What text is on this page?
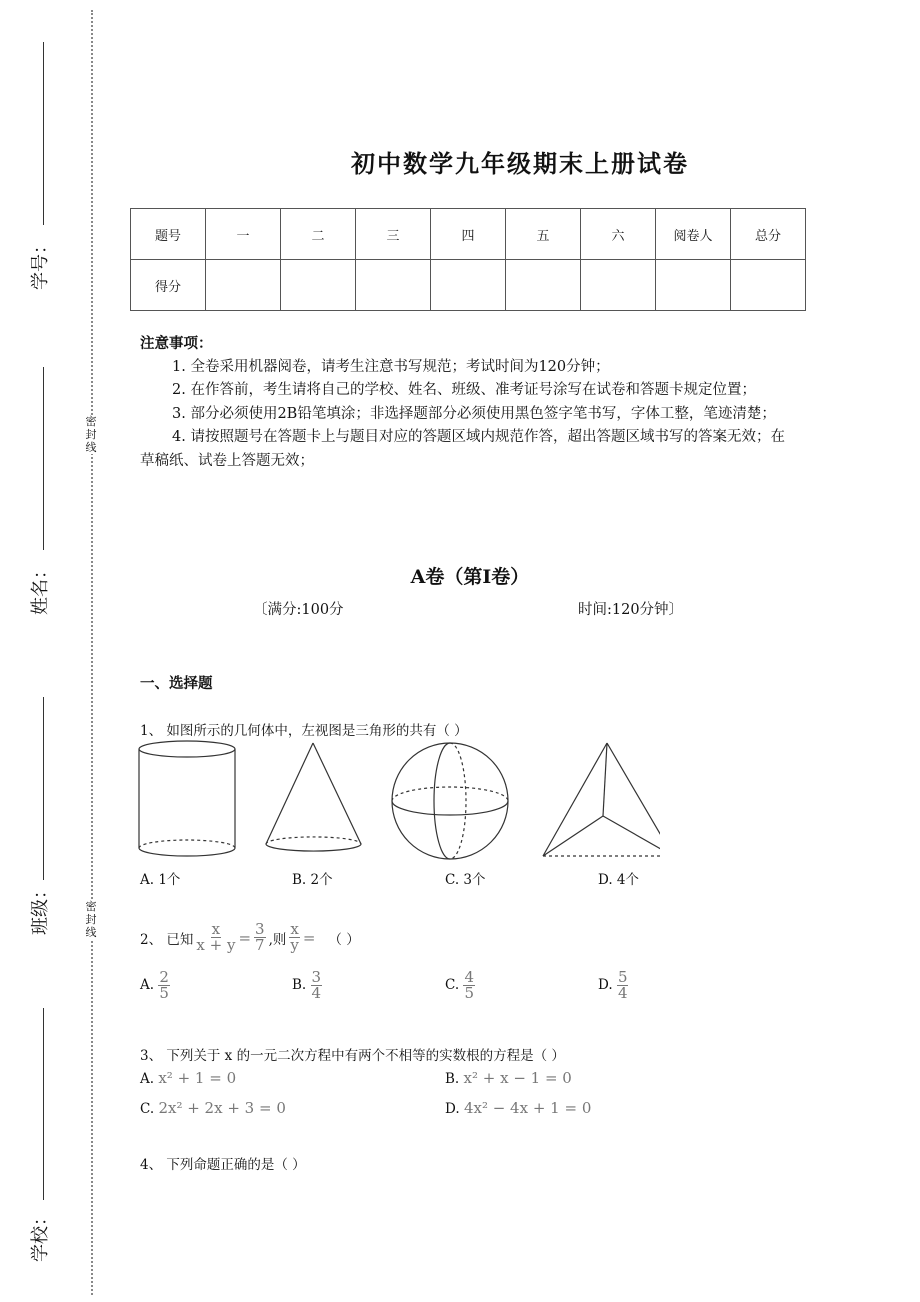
密封线
密封线
学号：
姓名：
班级：
学校：
初中数学九年级期末上册试卷
题号	一	二	三	四	五	六	阅卷人	总分
得分								
注意事项：

1. 全卷采用机器阅卷，请考生注意书写规范；考试时间为120分钟；

2. 在作答前，考生请将自己的学校、姓名、班级、准考证号涂写在试卷和答题卡规定位置；

3. 部分必须使用2B铅笔填涂；非选择题部分必须使用黑色签字笔书写，字体工整，笔迹清楚；

4. 请按照题号在答题卡上与题目对应的答题区域内规范作答，超出答题区域书写的答案无效；在草稿纸、试卷上答题无效；

A卷（第I卷）
〔满分:100分	时间:120分钟〕
一、选择题
1、 如图所示的几何体中，左视图是三角形的共有（ ）
A. 1个	B. 2个	C. 3个	D. 4个
2、 已知 $\frac{x}{x + y} = \frac{3}{7}$ ,则 $\frac{x}{y}$ = （ ）
A. $\frac{2}{5}$	B. $\frac{3}{4}$	C. $\frac{4}{5}$	D. $\frac{5}{4}$
3、 下列关于 x 的一元二次方程中有两个不相等的实数根的方程是（ ）
A. x² + 1 = 0	B. x² + x − 1 = 0
C. 2x² + 2x + 3 = 0	D. 4x² − 4x + 1 = 0
4、 下列命题正确的是（ ）
